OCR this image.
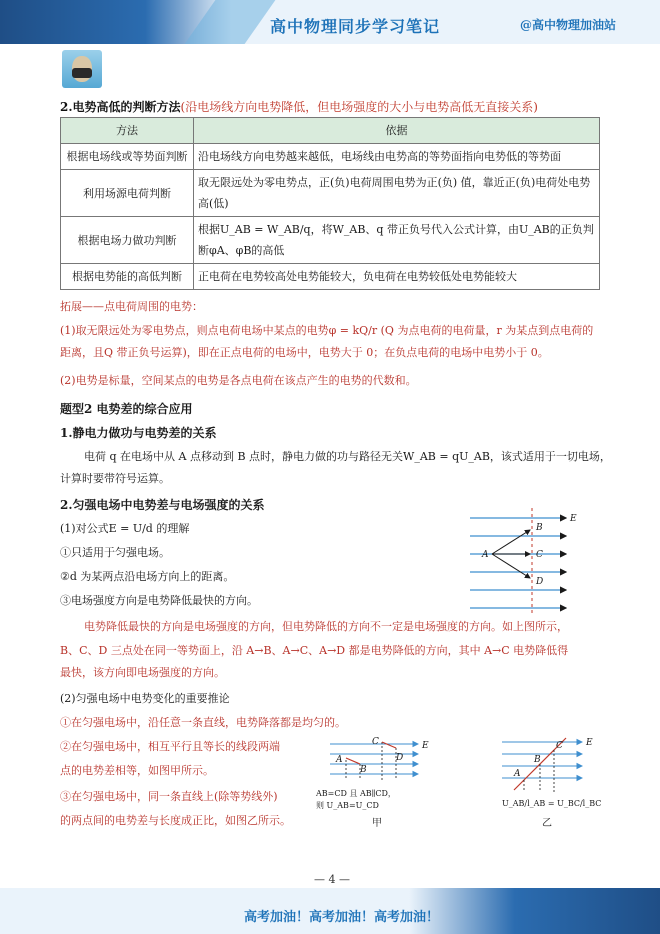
高中物理同步学习笔记	@高中物理加油站
2.电势高低的判断方法(沿电场线方向电势降低，但电场强度的大小与电势高低无直接关系)
方法	依据
根据电场线或等势面判断	沿电场线方向电势越来越低，电场线由电势高的等势面指向电势低的等势面
利用场源电荷判断	取无限远处为零电势点，正(负)电荷周围电势为正(负) 值，靠近正(负)电荷处电势高(低)
根据电场力做功判断	根据U_AB = W_AB/q，将W_AB、q 带正负号代入公式计算，由U_AB的正负判断φA、φB的高低
根据电势能的高低判断	正电荷在电势较高处电势能较大，负电荷在电势较低处电势能较大
拓展——点电荷周围的电势：
(1)取无限远处为零电势点，则点电荷电场中某点的电势φ = kQ/r (Q 为点电荷的电荷量，r 为某点到点电荷的
距离，且Q 带正负号运算)，即在正点电荷的电场中，电势大于 0；在负点电荷的电场中电势小于 0。
(2)电势是标量，空间某点的电势是各点电荷在该点产生的电势的代数和。
题型2 电势差的综合应用
1.静电力做功与电势差的关系
电荷 q 在电场中从 A 点移动到 B 点时，静电力做的功与路径无关W_AB = qU_AB，该式适用于一切电场，
计算时要带符号运算。
2.匀强电场中电势差与电场强度的关系
(1)对公式E = U/d 的理解
①只适用于匀强电场。
②d 为某两点沿电场方向上的距离。
③电场强度方向是电势降低最快的方向。
电势降低最快的方向是电场强度的方向，但电势降低的方向不一定是电场强度的方向。如上图所示，
B、C、D 三点处在同一等势面上，沿 A→B、A→C、A→D 都是电势降低的方向，其中 A→C 电势降低得
最快，该方向即电场强度的方向。
(2)匀强电场中电势变化的重要推论
①在匀强电场中，沿任意一条直线，电势降落都是均匀的。
②在匀强电场中，相互平行且等长的线段两端
点的电势差相等，如图甲所示。
③在匀强电场中，同一条直线上(除等势线外)
的两点间的电势差与长度成正比，如图乙所示。
A
B
C
D
E
A
B
C
D
E
AB=CD 且 AB∥CD，
则 U_AB=U_CD
甲
A
B
C	E
U_AB/l_AB = U_BC/l_BC
乙
— 4 —
高考加油！高考加油！高考加油！
